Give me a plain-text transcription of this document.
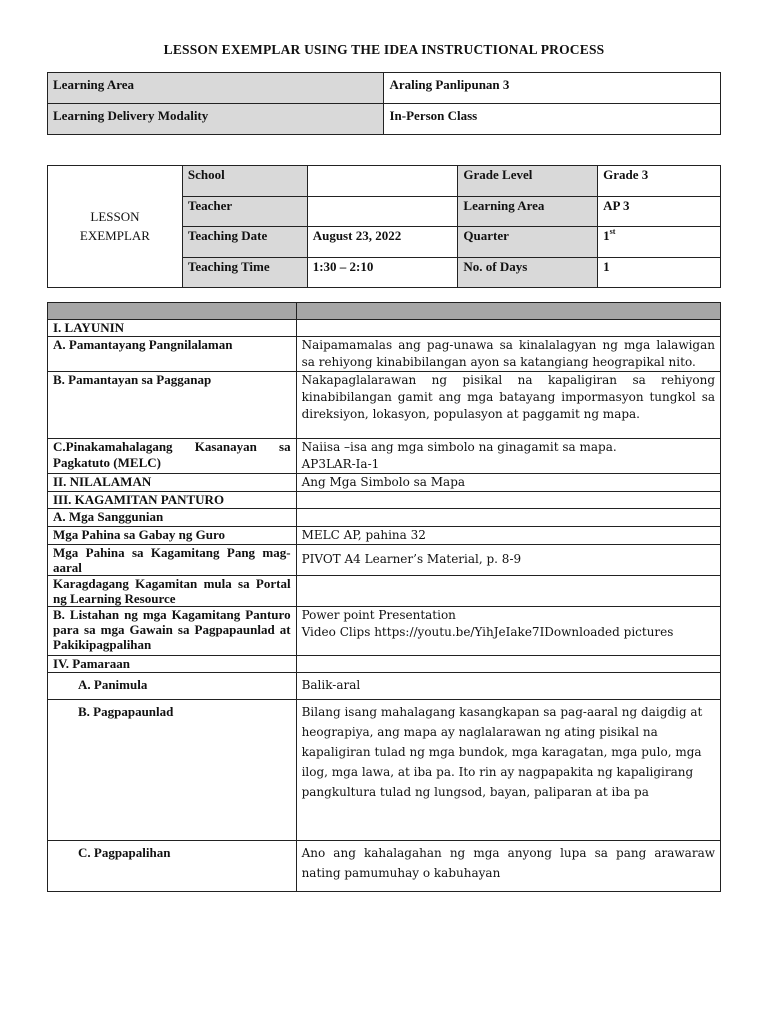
LESSON EXEMPLAR USING THE IDEA INSTRUCTIONAL PROCESS
Learning Area	Araling Panlipunan 3
Learning Delivery Modality	In-Person Class
LESSON EXEMPLAR	School		Grade Level	Grade 3
	Teacher		Learning Area	AP 3
	Teaching Date	August 23, 2022	Quarter	1st
	Teaching Time	1:30 – 2:10	No. of Days	1

I. LAYUNIN	
A. Pamantayang Pangnilalaman	Naipamamalas ang pag-unawa sa kinalalagyan ng mga lalawigan sa rehiyong kinabibilangan ayon sa katangiang heograpikal nito.
B. Pamantayan sa Pagganap	Nakapaglalarawan ng pisikal na kapaligiran sa rehiyong kinabibilangan gamit ang mga batayang impormasyon tungkol sa direksiyon, lokasyon, populasyon at paggamit ng mapa.
C.Pinakamahalagang Kasanayan sa Pagkatuto (MELC)	Naiisa –isa ang mga simbolo na ginagamit sa mapa.
AP3LAR-Ia-1

II. NILALAMAN	Ang Mga Simbolo sa Mapa
III. KAGAMITAN PANTURO	
A. Mga Sanggunian	
Mga Pahina sa Gabay ng Guro	MELC AP, pahina 32
Mga Pahina sa Kagamitang Pang mag-aaral	PIVOT A4 Learner’s Material, p. 8-9
Karagdagang Kagamitan mula sa Portal ng Learning Resource	
B. Listahan ng mga Kagamitang Panturo para sa mga Gawain sa Pagpapaunlad at Pakikipagpalihan	Power point Presentation
Video Clips https://youtu.be/YihJeIake7IDownloaded pictures

IV. Pamaraan	
A. Panimula	Balik-aral
B. Pagpapaunlad	Bilang isang mahalagang kasangkapan sa pag-aaral ng daigdig at heograpiya, ang mapa ay naglalarawan ng ating pisikal na kapaligiran tulad ng mga bundok, mga karagatan, mga pulo, mga ilog, mga lawa, at iba pa. Ito rin ay nagpapakita ng kapaligirang pangkultura tulad ng lungsod, bayan, paliparan at iba pa
C. Pagpapalihan	Ano ang kahalagahan ng mga anyong lupa sa pang arawaraw nating pamumuhay o kabuhayan
